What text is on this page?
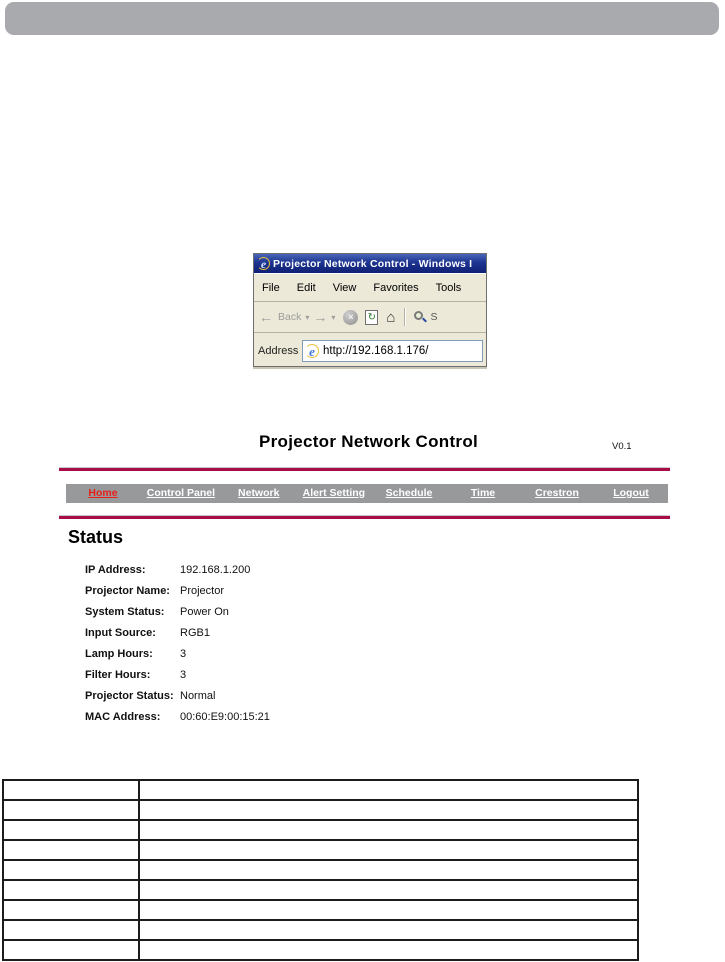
e Projector Network Control - Windows I
File Edit View Favorites Tools
← Back ▾ → ▾	×	↻ ⌂	S
Address e http://192.168.1.176/
Projector Network Control	V0.1
Home	Control Panel Network Alert Setting Schedule	Time	Crestron	Logout
Status
IP Address:	192.168.1.200
Projector Name: Projector
System Status: Power On
Input Source: RGB1
Lamp Hours: 3
Filter Hours:	3
Projector Status: Normal
MAC Address: 00:60:E9:00:15:21
